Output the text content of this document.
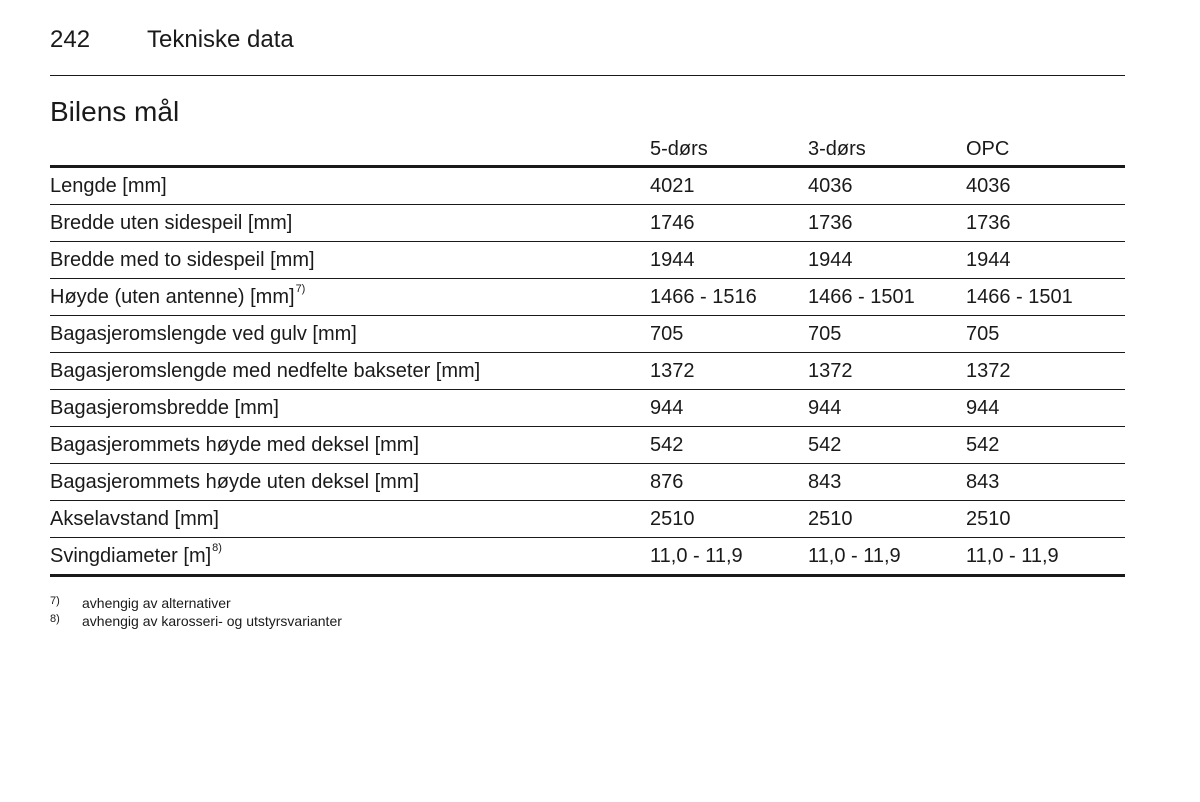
242 Tekniske data
Bilens mål
	5-dørs	3-dørs	OPC
Lengde [mm]	4021	4036	4036
Bredde uten sidespeil [mm]	1746	1736	1736
Bredde med to sidespeil [mm]	1944	1944	1944
Høyde (uten antenne) [mm]$^{7)}$	1466 - 1516	1466 - 1501	1466 - 1501
Bagasjeromslengde ved gulv [mm]	705	705	705
Bagasjeromslengde med nedfelte bakseter [mm]	1372	1372	1372
Bagasjeromsbredde [mm]	944	944	944
Bagasjerommets høyde med deksel [mm]	542	542	542
Bagasjerommets høyde uten deksel [mm]	876	843	843
Akselavstand [mm]	2510	2510	2510
Svingdiameter [m]$^{8)}$	11,0 - 11,9	11,0 - 11,9	11,0 - 11,9
7) avhengig av alternativer
8) avhengig av karosseri- og utstyrsvarianter
